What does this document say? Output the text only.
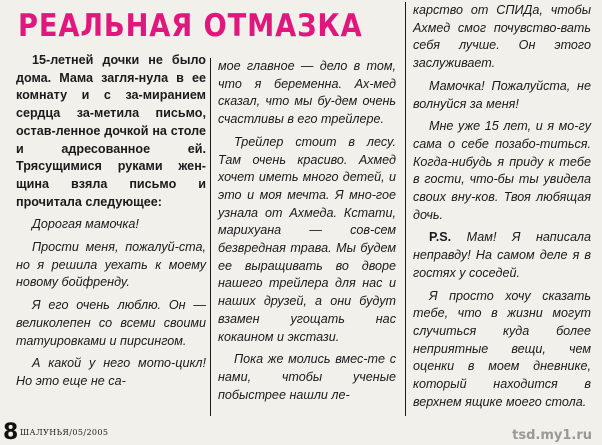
РЕАЛЬНАЯ ОТМАЗКА

15-летней дочки не было дома. Мама загля-нула в ее комнату и с за-миранием сердца за-метила письмо, остав-ленное дочкой на столе и адресованное ей. Трясущимися руками жен-щина взяла письмо и прочитала следующее:

Дорогая мамочка!

Прости меня, пожалуй-ста, но я решила уехать к моему новому бойфренду.

Я его очень люблю. Он — великолепен со всеми своими татуировками и пирсингом.

А какой у него мото-цикл! Но это еще не са-

мое главное — дело в том, что я беременна. Ах-мед сказал, что мы бу-дем очень счастливы в его трейлере.

Трейлер стоит в лесу. Там очень красиво. Ахмед хочет иметь много детей, и это и моя мечта. Я мно-гое узнала от Ахмеда. Кстати, марихуана — сов-сем безвредная трава. Мы будем ее выращивать во дворе нашего трейлера для нас и наших друзей, а они будут взамен угощать нас кокаином и экстази.

Пока же молись вмес-те с нами, чтобы ученые побыстрее нашли ле-

карство от СПИДа, чтобы Ахмед смог почувство-вать себя лучше. Он этого заслуживает.

Мамочка! Пожалуйста, не волнуйся за меня!

Мне уже 15 лет, и я мо-гу сама о себе позабо-титься. Когда-нибудь я приду к тебе в гости, что-бы ты увидела своих вну-ков. Твоя любящая дочь.

P.S. Мам! Я написала неправду! На самом деле я в гостях у соседей.

Я просто хочу сказать тебе, что в жизни могут случиться куда более неприятные вещи, чем оценки в моем дневнике, который находится в верхнем ящике моего стола.

8 ШАЛУНЬЯ/05/2005	tsd.my1.ru
